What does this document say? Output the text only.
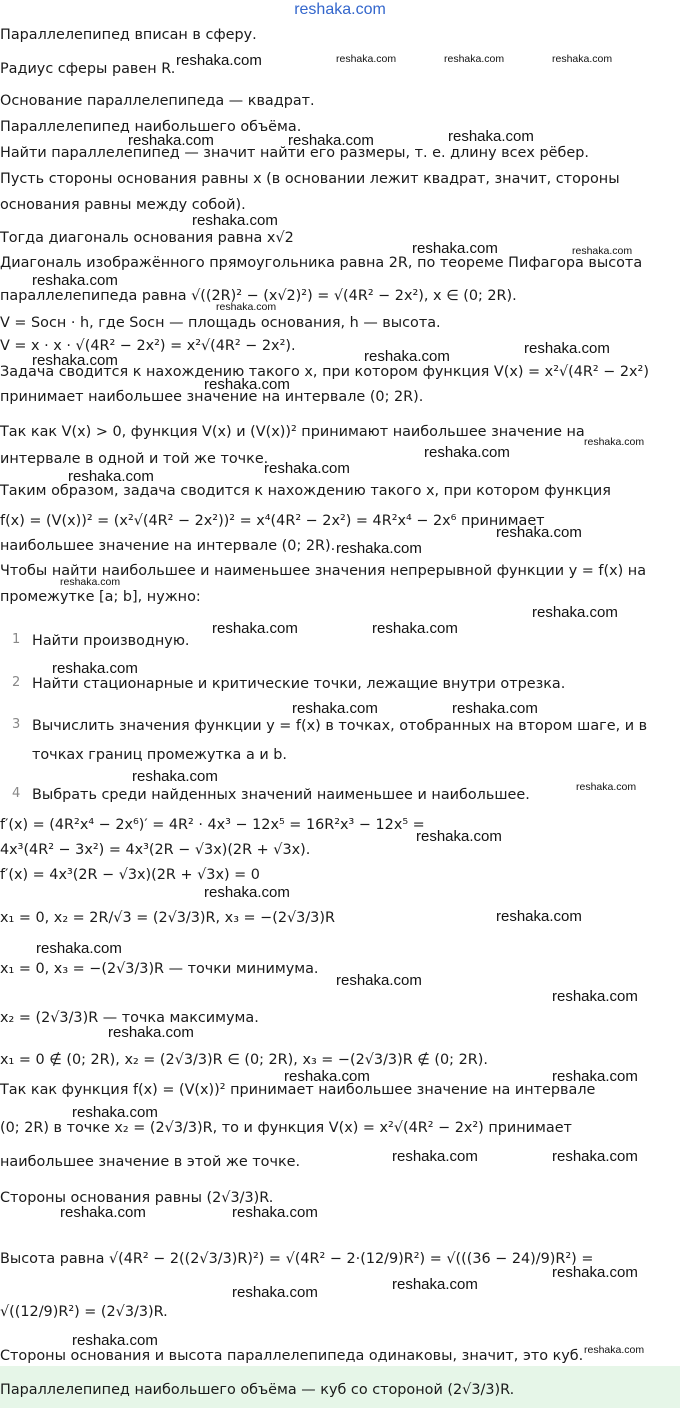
reshaka.com
Параллелепипед вписан в сферу.
Радиус сферы равен R.
Основание параллелепипеда — квадрат.
Параллелепипед наибольшего объёма.
Найти параллелепипед — значит найти его размеры, т. е. длину всех рёбер.
Пусть стороны основания равны x (в основании лежит квадрат, значит, стороны
основания равны между собой).
Тогда диагональ основания равна x√2
Диагональ изображённого прямоугольника равна 2R, по теореме Пифагора высота
параллелепипеда равна √((2R)² − (x√2)²) = √(4R² − 2x²), x ∈ (0; 2R).
V = Sосн · h, где Sосн — площадь основания, h — высота.
V = x · x · √(4R² − 2x²) = x²√(4R² − 2x²).
Задача сводится к нахождению такого x, при котором функция V(x) = x²√(4R² − 2x²)
принимает наибольшее значение на интервале (0; 2R).
Так как V(x) > 0, функция V(x) и (V(x))² принимают наибольшее значение на
интервале в одной и той же точке.
Таким образом, задача сводится к нахождению такого x, при котором функция
f(x) = (V(x))² = (x²√(4R² − 2x²))² = x⁴(4R² − 2x²) = 4R²x⁴ − 2x⁶ принимает
наибольшее значение на интервале (0; 2R).
Чтобы найти наибольшее и наименьшее значения непрерывной функции y = f(x) на
промежутке [a; b], нужно:
1 Найти производную.
2 Найти стационарные и критические точки, лежащие внутри отрезка.
3 Вычислить значения функции y = f(x) в точках, отобранных на втором шаге, и в
точках границ промежутка a и b.
4 Выбрать среди найденных значений наименьшее и наибольшее.
f′(x) = (4R²x⁴ − 2x⁶)′ = 4R² · 4x³ − 12x⁵ = 16R²x³ − 12x⁵ =
4x³(4R² − 3x²) = 4x³(2R − √3x)(2R + √3x).
f′(x) = 4x³(2R − √3x)(2R + √3x) = 0
x₁ = 0, x₂ = 2R/√3 = (2√3/3)R, x₃ = −(2√3/3)R
x₁ = 0, x₃ = −(2√3/3)R — точки минимума.
x₂ = (2√3/3)R — точка максимума.
x₁ = 0 ∉ (0; 2R), x₂ = (2√3/3)R ∈ (0; 2R), x₃ = −(2√3/3)R ∉ (0; 2R).
Так как функция f(x) = (V(x))² принимает наибольшее значение на интервале
(0; 2R) в точке x₂ = (2√3/3)R, то и функция V(x) = x²√(4R² − 2x²) принимает
наибольшее значение в этой же точке.
Стороны основания равны (2√3/3)R.
Высота равна √(4R² − 2((2√3/3)R)²) = √(4R² − 2·(12/9)R²) = √(((36 − 24)/9)R²) =
√((12/9)R²) = (2√3/3)R.
Стороны основания и высота параллелепипеда одинаковы, значит, это куб.
Параллелепипед наибольшего объёма — куб со стороной (2√3/3)R.
reshaka.com	reshaka.com	reshaka.com	reshaka.com
reshaka.com	reshaka.com	reshaka.com
reshaka.com
reshaka.com	reshaka.com
reshaka.com
reshaka.com
reshaka.com
reshaka.com
reshaka.com
reshaka.com
reshaka.com
reshaka.com
reshaka.com
reshaka.com
reshaka.com
reshaka.com
reshaka.com
reshaka.com
reshaka.com	reshaka.com
reshaka.com
reshaka.com	reshaka.com
reshaka.com
reshaka.com
reshaka.com
reshaka.com
reshaka.com
reshaka.com
reshaka.com
reshaka.com
reshaka.com
reshaka.com	reshaka.com
reshaka.com
reshaka.com	reshaka.com
reshaka.com	reshaka.com
reshaka.com
reshaka.com
reshaka.com
reshaka.com
reshaka.com
